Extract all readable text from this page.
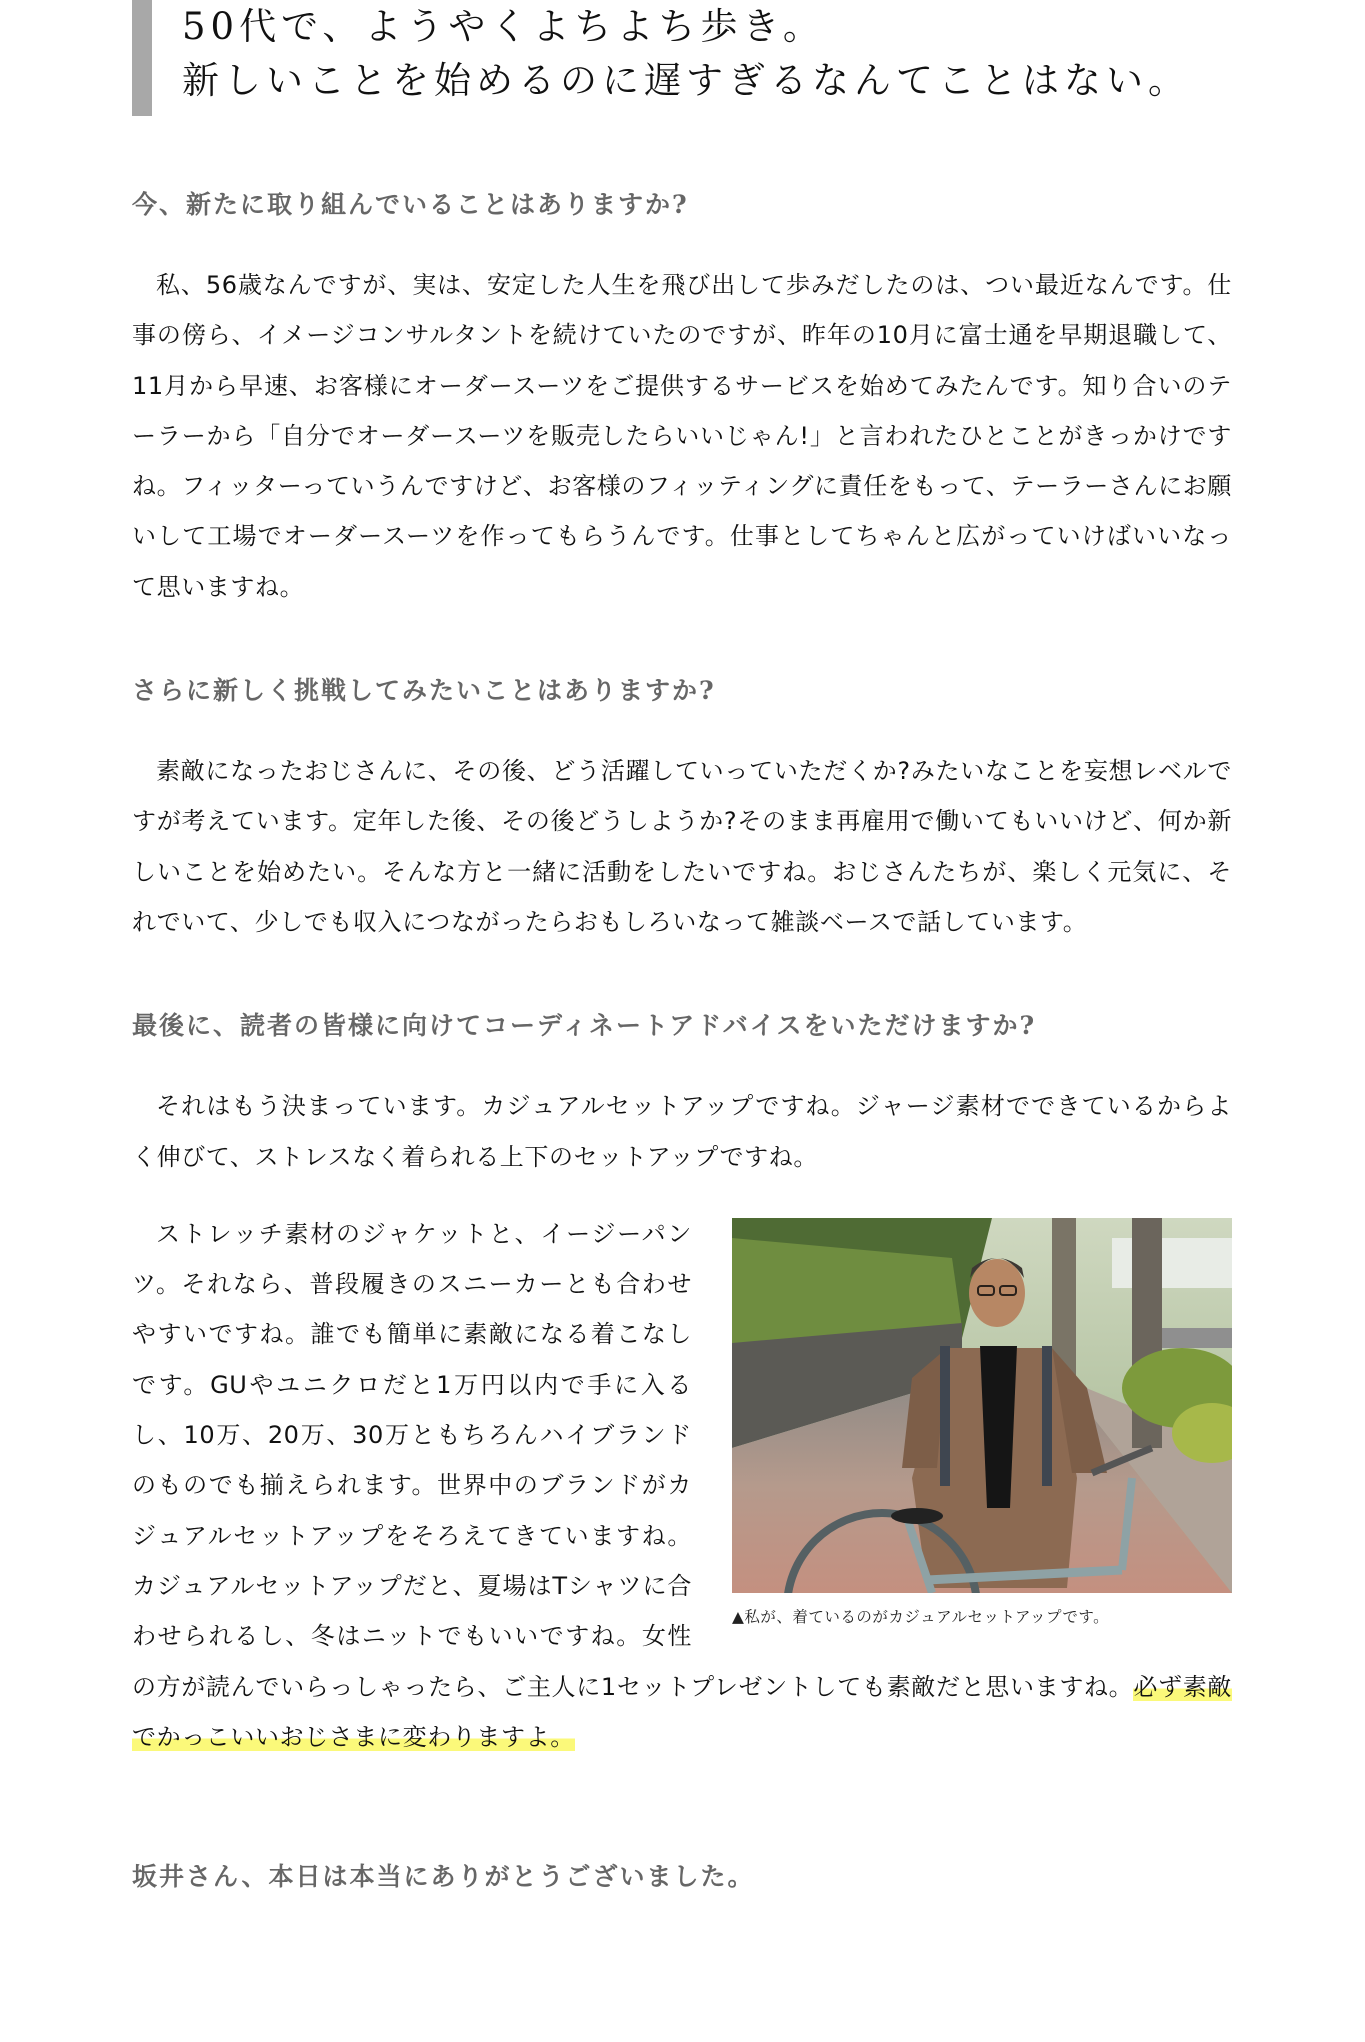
50代で、ようやくよちよち歩き。
新しいことを始めるのに遅すぎるなんてことはない。
今、新たに取り組んでいることはありますか?

私、56歳なんですが、実は、安定した人生を飛び出して歩みだしたのは、つい最近なんです。仕事の傍ら、イメージコンサルタントを続けていたのですが、昨年の10月に富士通を早期退職して、11月から早速、お客様にオーダースーツをご提供するサービスを始めてみたんです。知り合いのテーラーから「自分でオーダースーツを販売したらいいじゃん!」と言われたひとことがきっかけですね。フィッターっていうんですけど、お客様のフィッティングに責任をもって、テーラーさんにお願いして工場でオーダースーツを作ってもらうんです。仕事としてちゃんと広がっていけばいいなって思いますね。

さらに新しく挑戦してみたいことはありますか?

素敵になったおじさんに、その後、どう活躍していっていただくか?みたいなことを妄想レベルですが考えています。定年した後、その後どうしようか?そのまま再雇用で働いてもいいけど、何か新しいことを始めたい。そんな方と一緒に活動をしたいですね。おじさんたちが、楽しく元気に、それでいて、少しでも収入につながったらおもしろいなって雑談ベースで話しています。

最後に、読者の皆様に向けてコーディネートアドバイスをいただけますか?

それはもう決まっています。カジュアルセットアップですね。ジャージ素材でできているからよく伸びて、ストレスなく着られる上下のセットアップですね。

▲私が、着ているのがカジュアルセットアップです。

ストレッチ素材のジャケットと、イージーパンツ。それなら、普段履きのスニーカーとも合わせやすいですね。誰でも簡単に素敵になる着こなしです。GUやユニクロだと1万円以内で手に入るし、10万、20万、30万ともちろんハイブランドのものでも揃えられます。世界中のブランドがカジュアルセットアップをそろえてきていますね。カジュアルセットアップだと、夏場はTシャツに合わせられるし、冬はニットでもいいですね。女性の方が読んでいらっしゃったら、ご主人に1セットプレゼントしても素敵だと思いますね。必ず素敵でかっこいいおじさまに変わりますよ。

坂井さん、本日は本当にありがとうございました。
